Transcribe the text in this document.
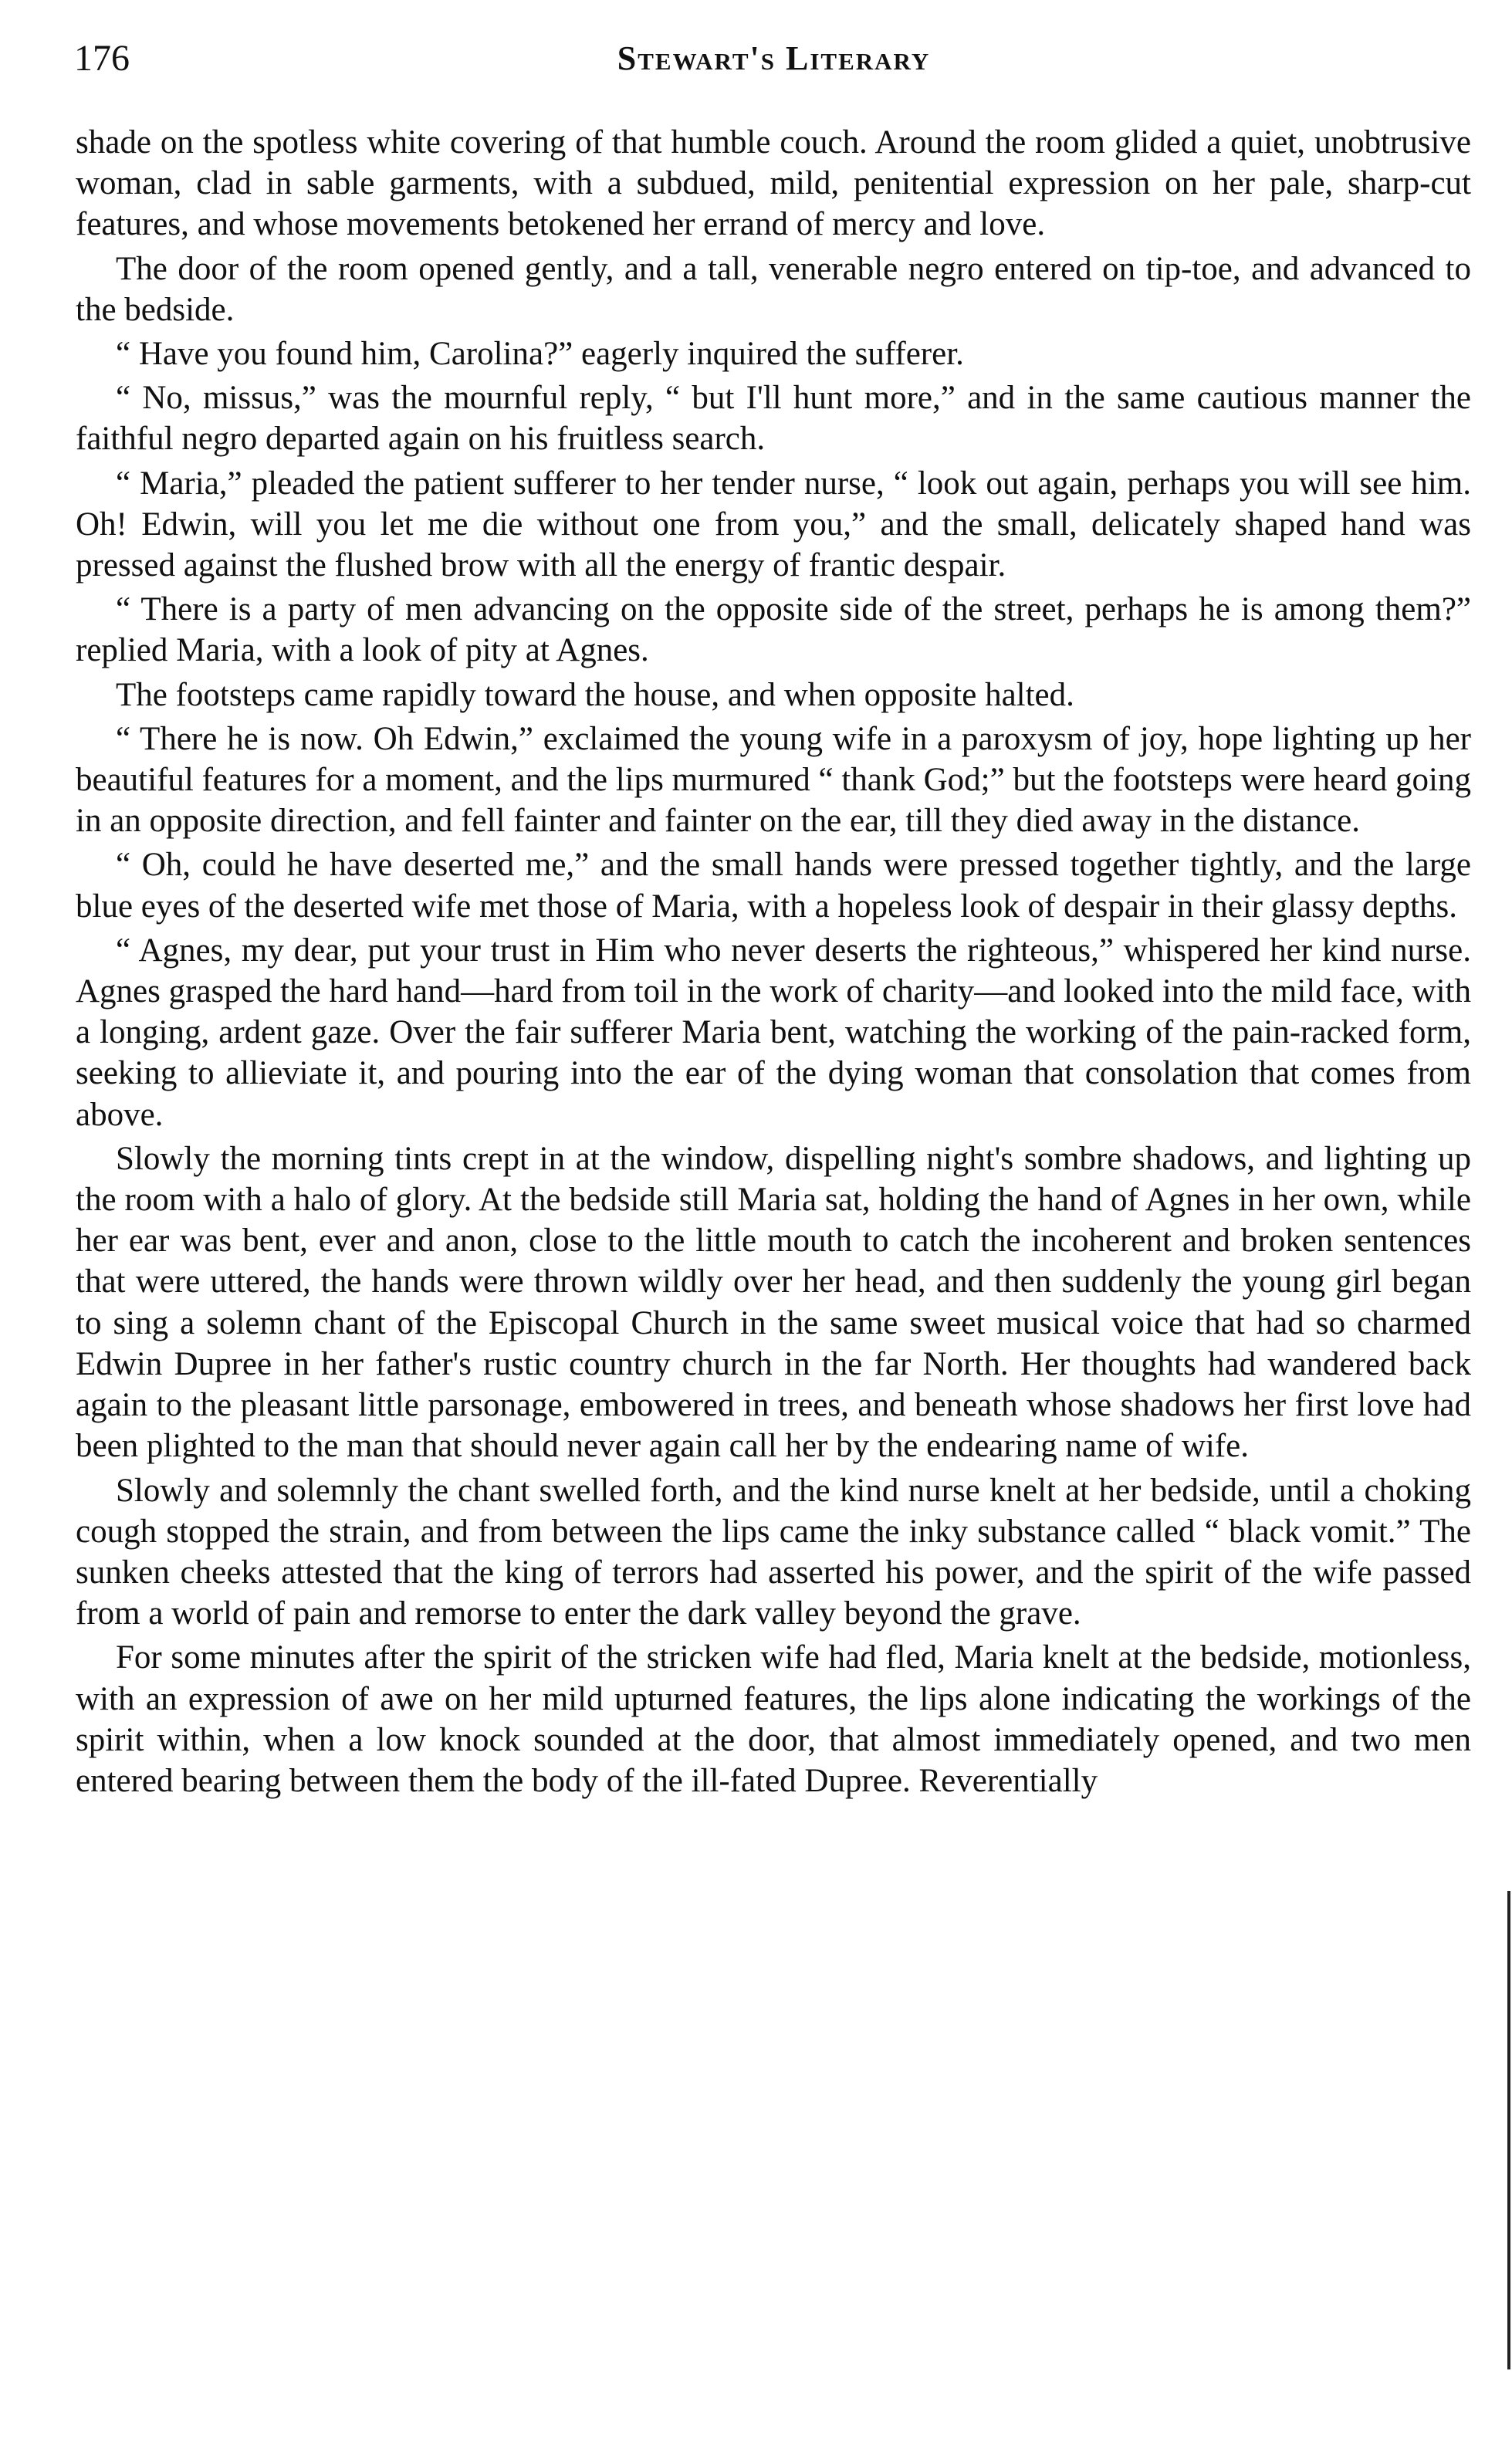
176	Stewart's Literary

shade on the spotless white covering of that humble couch. Around the room glided a quiet, unobtrusive woman, clad in sable garments, with a subdued, mild, penitential expression on her pale, sharp-cut features, and whose movements betokened her errand of mercy and love.

The door of the room opened gently, and a tall, venerable negro entered on tip-toe, and advanced to the bedside.

“ Have you found him, Carolina?” eagerly inquired the sufferer.

“ No, missus,” was the mournful reply, “ but I'll hunt more,” and in the same cautious manner the faithful negro departed again on his fruitless search.

“ Maria,” pleaded the patient sufferer to her tender nurse, “ look out again, perhaps you will see him. Oh! Edwin, will you let me die without one from you,” and the small, delicately shaped hand was pressed against the flushed brow with all the energy of frantic despair.

“ There is a party of men advancing on the opposite side of the street, perhaps he is among them?” replied Maria, with a look of pity at Agnes.

The footsteps came rapidly toward the house, and when opposite halted.

“ There he is now. Oh Edwin,” exclaimed the young wife in a paroxysm of joy, hope lighting up her beautiful features for a moment, and the lips murmured “ thank God;” but the footsteps were heard going in an opposite direction, and fell fainter and fainter on the ear, till they died away in the distance.

“ Oh, could he have deserted me,” and the small hands were pressed together tightly, and the large blue eyes of the deserted wife met those of Maria, with a hopeless look of despair in their glassy depths.

“ Agnes, my dear, put your trust in Him who never deserts the righteous,” whispered her kind nurse. Agnes grasped the hard hand—hard from toil in the work of charity—and looked into the mild face, with a longing, ardent gaze. Over the fair sufferer Maria bent, watching the working of the pain-racked form, seeking to allieviate it, and pouring into the ear of the dying woman that consolation that comes from above.

Slowly the morning tints crept in at the window, dispelling night's sombre shadows, and lighting up the room with a halo of glory. At the bedside still Maria sat, holding the hand of Agnes in her own, while her ear was bent, ever and anon, close to the little mouth to catch the incoherent and broken sentences that were uttered, the hands were thrown wildly over her head, and then suddenly the young girl began to sing a solemn chant of the Episcopal Church in the same sweet musical voice that had so charmed Edwin Dupree in her father's rustic country church in the far North. Her thoughts had wandered back again to the pleasant little parsonage, embowered in trees, and beneath whose shadows her first love had been plighted to the man that should never again call her by the endearing name of wife.

Slowly and solemnly the chant swelled forth, and the kind nurse knelt at her bedside, until a choking cough stopped the strain, and from between the lips came the inky substance called “ black vomit.” The sunken cheeks attested that the king of terrors had asserted his power, and the spirit of the wife passed from a world of pain and remorse to enter the dark valley beyond the grave.

For some minutes after the spirit of the stricken wife had fled, Maria knelt at the bedside, motionless, with an expression of awe on her mild upturned features, the lips alone indicating the workings of the spirit within, when a low knock sounded at the door, that almost immediately opened, and two men entered bearing between them the body of the ill-fated Dupree. Reverentially
